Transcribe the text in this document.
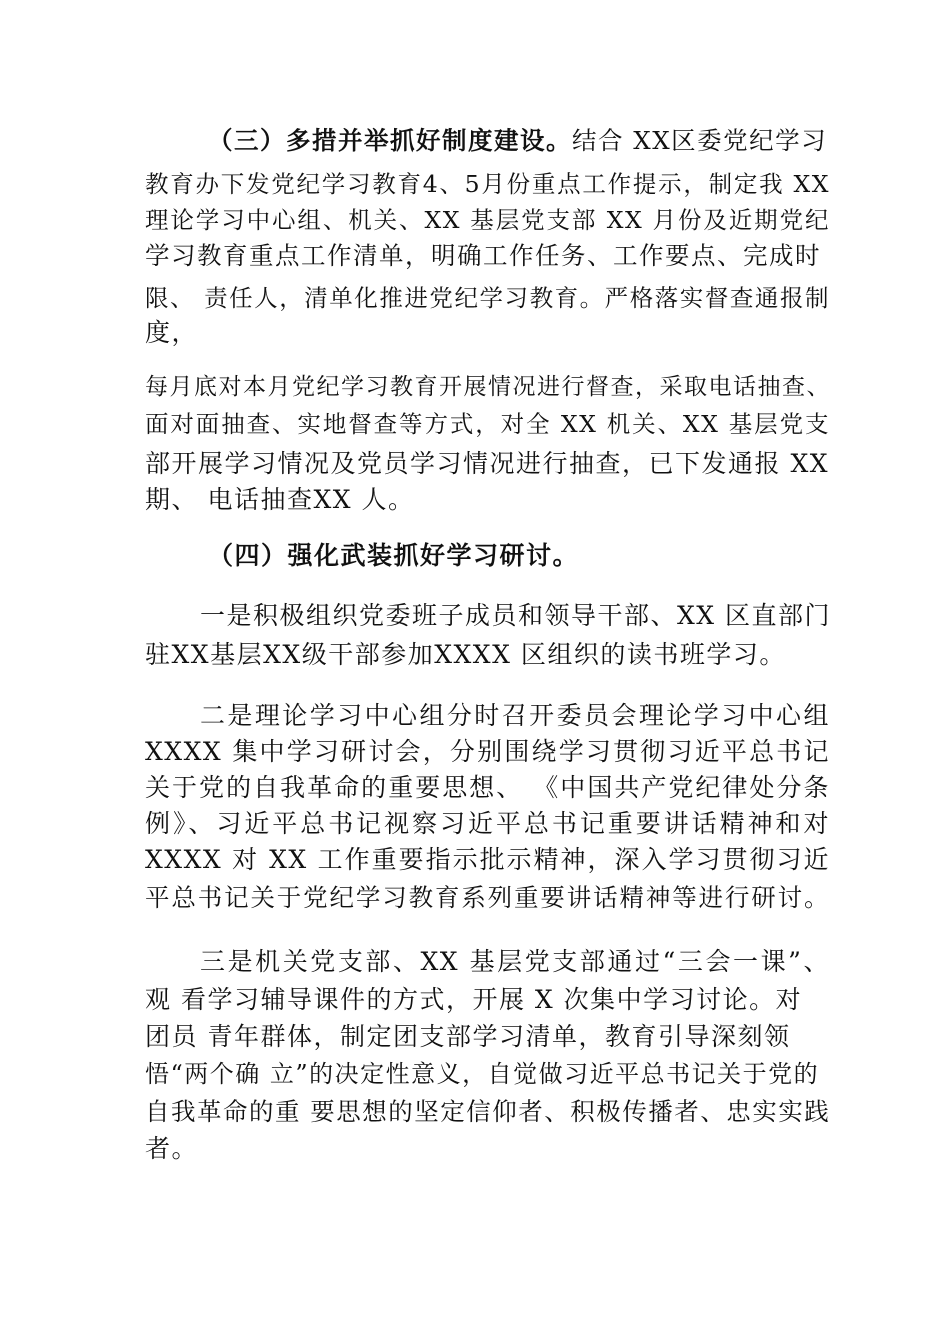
（三）多措并举抓好制度建设。结合 XX区委党纪学习
教育办下发党纪学习教育4、5月份重点工作提示，制定我 XX
理论学习中心组、机关、XX 基层党支部 XX 月份及近期党纪
学习教育重点工作清单，明确工作任务、工作要点、完成时
限、 责任人，清单化推进党纪学习教育。严格落实督查通报制
度，
每月底对本月党纪学习教育开展情况进行督查，采取电话抽查、
面对面抽查、实地督查等方式，对全 XX 机关、XX 基层党支
部开展学习情况及党员学习情况进行抽查，已下发通报 XX
期、 电话抽查XX 人。
（四）强化武装抓好学习研讨。
一是积极组织党委班子成员和领导干部、XX 区直部门
驻XX基层XX级干部参加XXXX 区组织的读书班学习。
二是理论学习中心组分时召开委员会理论学习中心组
XXXX 集中学习研讨会，分别围绕学习贯彻习近平总书记
关于党的自我革命的重要思想、 《中国共产党纪律处分条
例》、习近平总书记视察习近平总书记重要讲话精神和对
XXXX 对 XX 工作重要指示批示精神，深入学习贯彻习近
平总书记关于党纪学习教育系列重要讲话精神等进行研讨。
三是机关党支部、XX 基层党支部通过“三会一课”、
观 看学习辅导课件的方式，开展 X 次集中学习讨论。对
团员 青年群体，制定团支部学习清单，教育引导深刻领
悟“两个确 立”的决定性意义，自觉做习近平总书记关于党的
自我革命的重 要思想的坚定信仰者、积极传播者、忠实实践
者。
